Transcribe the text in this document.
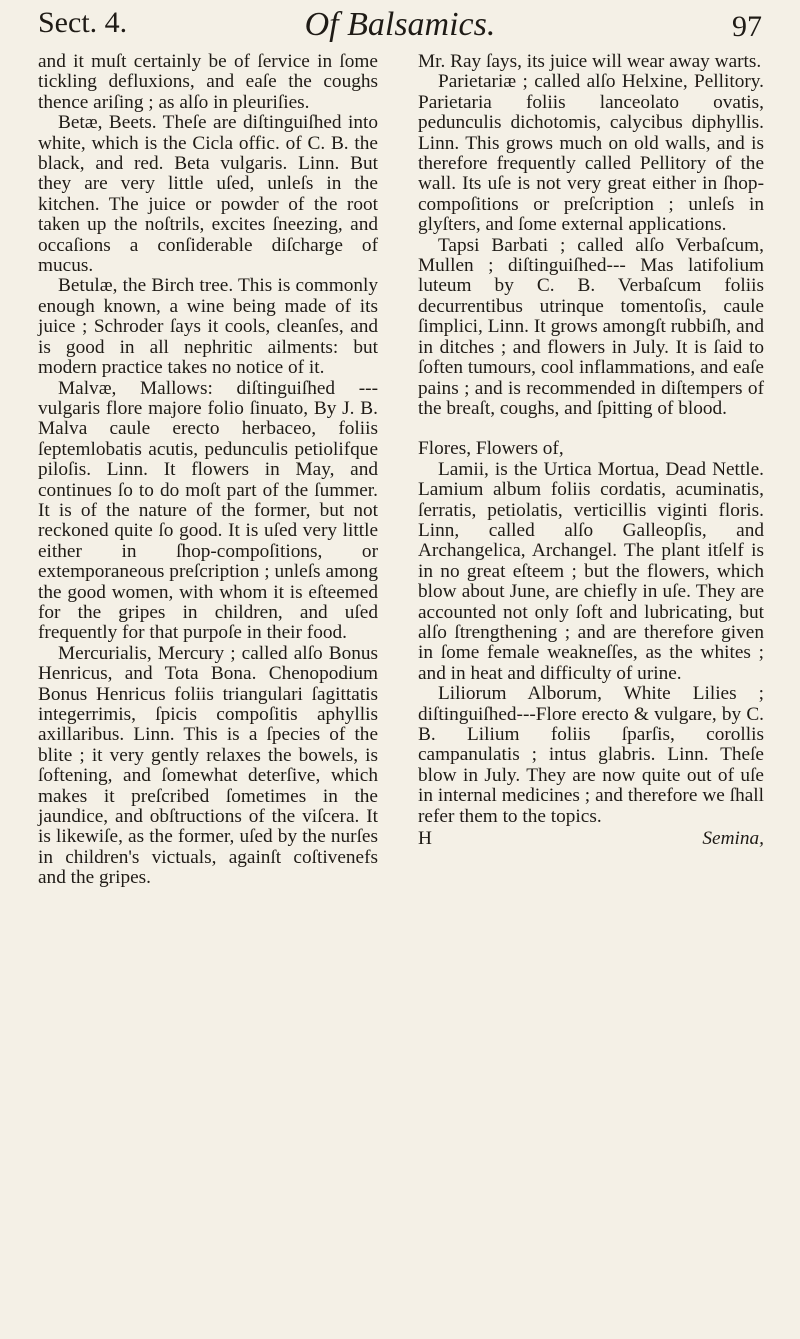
Sect. 4.	Of Balsamics.	97

and it muſt certainly be of ſervice in ſome tickling defluxions, and eaſe the coughs thence ariſing ; as alſo in pleuriſies.

Betæ, Beets. Theſe are diſtinguiſhed into white, which is the Cicla offic. of C. B. the black, and red. Beta vulgaris. Linn. But they are very little uſed, unleſs in the kitchen. The juice or powder of the root taken up the noſtrils, excites ſneezing, and occaſions a conſiderable diſcharge of mucus.

Betulæ, the Birch tree. This is commonly enough known, a wine being made of its juice ; Schroder ſays it cools, cleanſes, and is good in all nephritic ailments: but modern practice takes no notice of it.

Malvæ, Mallows: diſtinguiſhed ---vulgaris flore majore folio ſinuato, By J. B. Malva caule erecto herbaceo, foliis ſeptemlobatis acutis, pedunculis petiolifque piloſis. Linn. It flowers in May, and continues ſo to do moſt part of the ſummer. It is of the nature of the former, but not reckoned quite ſo good. It is uſed very little either in ſhop-compoſitions, or extemporaneous preſcription ; unleſs among the good women, with whom it is eſteemed for the gripes in children, and uſed frequently for that purpoſe in their food.

Mercurialis, Mercury ; called alſo Bonus Henricus, and Tota Bona. Chenopodium Bonus Henricus foliis triangulari ſagittatis integerrimis, ſpicis compoſitis aphyllis axillaribus. Linn. This is a ſpecies of the blite ; it very gently relaxes the bowels, is ſoftening, and ſomewhat deterſive, which makes it preſcribed ſometimes in the jaundice, and obſtructions of the viſcera. It is likewiſe, as the former, uſed by the nurſes in children's victuals, againſt coſtivenefs and the gripes.

Mr. Ray ſays, its juice will wear away warts.

Parietariæ ; called alſo Helxine, Pellitory. Parietaria foliis lanceolato ovatis, pedunculis dichotomis, calycibus diphyllis. Linn. This grows much on old walls, and is therefore frequently called Pellitory of the wall. Its uſe is not very great either in ſhop-compoſitions or preſcription ; unleſs in glyſters, and ſome external applications.

Tapsi Barbati ; called alſo Verbaſcum, Mullen ; diſtinguiſhed--- Mas latifolium luteum by C. B. Verbaſcum foliis decurrentibus utrinque tomentoſis, caule ſimplici, Linn. It grows amongſt rubbiſh, and in ditches ; and flowers in July. It is ſaid to ſoften tumours, cool inflammations, and eaſe pains ; and is recommended in diſtempers of the breaſt, coughs, and ſpitting of blood.

Flores, Flowers of,

Lamii, is the Urtica Mortua, Dead Nettle. Lamium album foliis cordatis, acuminatis, ſerratis, petiolatis, verticillis viginti floris. Linn, called alſo Galleopſis, and Archangelica, Archangel. The plant itſelf is in no great eſteem ; but the flowers, which blow about June, are chiefly in uſe. They are accounted not only ſoft and lubricating, but alſo ſtrengthening ; and are therefore given in ſome female weakneſſes, as the whites ; and in heat and difficulty of urine.

Liliorum Alborum, White Lilies ; diſtinguiſhed---Flore erecto & vulgare, by C. B. Lilium foliis ſparſis, corollis campanulatis ; intus glabris. Linn. Theſe blow in July. They are now quite out of uſe in internal medicines ; and therefore we ſhall refer them to the topics.

H	Semina,
